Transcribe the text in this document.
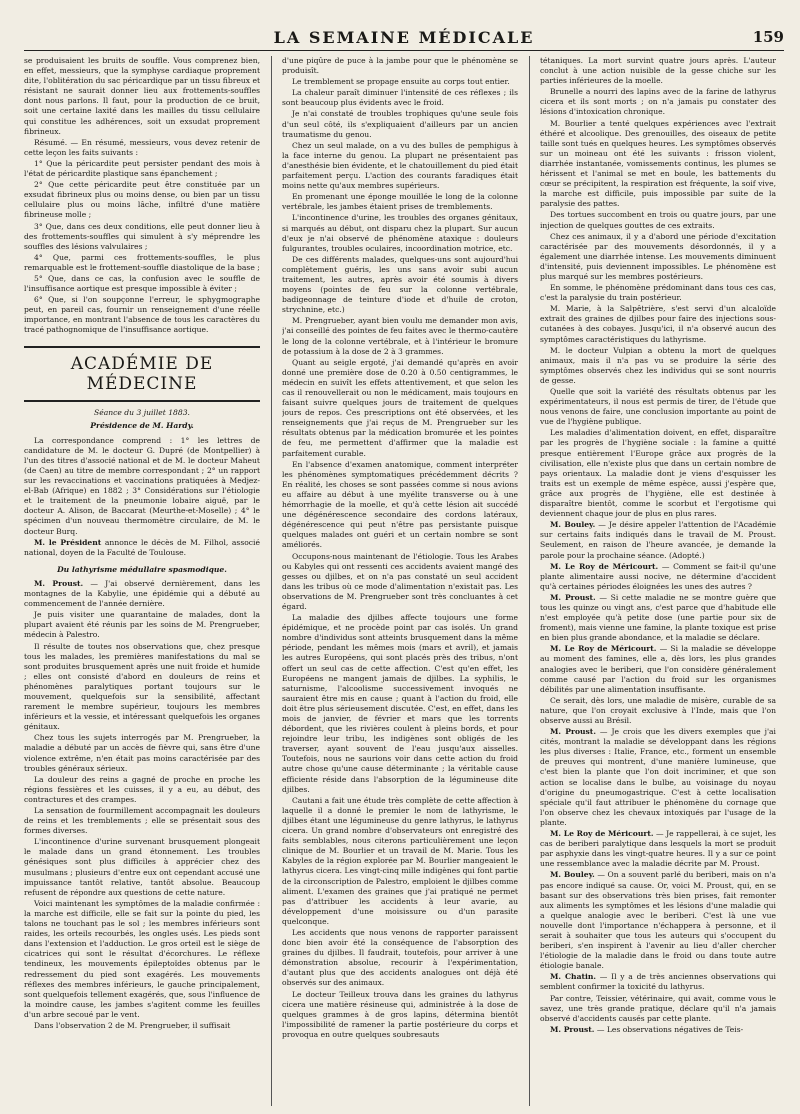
LA SEMAINE MÉDICALE	159

se produisaient les bruits de souffle. Vous comprenez bien, en effet, messieurs, que la symphyse cardiaque proprement dite, l'oblitération du sac péricardique par un tissu fibreux et résistant ne saurait donner lieu aux frottements-souffles dont nous parlons. Il faut, pour la production de ce bruit, soit une certaine laxité dans les mailles du tissu cellulaire qui constitue les adhérences, soit un exsudat proprement fibrineux.

Résumé. — En résumé, messieurs, vous devez retenir de cette leçon les faits suivants :

1° Que la péricardite peut persister pendant des mois à l'état de péricardite plastique sans épanchement ;

2° Que cette péricardite peut être constituée par un exsudat fibrineux plus ou moins dense, ou bien par un tissu cellulaire plus ou moins lâche, infiltré d'une matière fibrineuse molle ;

3° Que, dans ces deux conditions, elle peut donner lieu à des frottements-souffles qui simulent à s'y méprendre les souffles des lésions valvulaires ;

4° Que, parmi ces frottements-souffles, le plus remarquable est le frottement-souffle diastolique de la base ;

5° Que, dans ce cas, la confusion avec le souffle de l'insuffisance aortique est presque impossible à éviter ;

6° Que, si l'on soupçonne l'erreur, le sphygmographe peut, en pareil cas, fournir un renseignement d'une réelle importance, en montrant l'absence de tous les caractères du tracé pathognomique de l'insuffisance aortique.

ACADÉMIE DE MÉDECINE

Séance du 3 juillet 1883.

Présidence de M. Hardy.

La correspondance comprend : 1° les lettres de candidature de M. le docteur G. Dupré (de Montpellier) à l'un des titres d'associé national et de M. le docteur Maheut (de Caen) au titre de membre correspondant ; 2° un rapport sur les revaccinations et vaccinations pratiquées à Medjez-el-Bab (Afrique) en 1882 ; 3° Considérations sur l'étiologie et le traitement de la pneumonie lobaire aiguë, par le docteur A. Alison, de Baccarat (Meurthe-et-Moselle) ; 4° le spécimen d'un nouveau thermomètre circulaire, de M. le docteur Burq.

M. le Président annonce le décès de M. Filhol, associé national, doyen de la Faculté de Toulouse.

Du lathyrisme médullaire spasmodique.

M. Proust. — J'ai observé dernièrement, dans les montagnes de la Kabylie, une épidémie qui a débuté au commencement de l'année dernière.

Je puis visiter une quarantaine de malades, dont la plupart avaient été réunis par les soins de M. Prengrueber, médecin à Palestro.

Il résulte de toutes nos observations que, chez presque tous les malades, les premières manifestations du mal se sont produites brusquement après une nuit froide et humide ; elles ont consisté d'abord en douleurs de reins et phénomènes paralytiques portant toujours sur le mouvement, quelquefois sur la sensibilité, affectant rarement le membre supérieur, toujours les membres inférieurs et la vessie, et intéressant quelquefois les organes génitaux.

Chez tous les sujets interrogés par M. Prengrueber, la maladie a débuté par un accès de fièvre qui, sans être d'une violence extrême, n'en était pas moins caractérisée par des troubles généraux sérieux.

La douleur des reins a gagné de proche en proche les régions fessières et les cuisses, il y a eu, au début, des contractures et des crampes.

La sensation de fourmillement accompagnait les douleurs de reins et les tremblements ; elle se présentait sous des formes diverses.

L'incontinence d'urine survenant brusquement plongeait le malade dans un grand étonnement. Les troubles génésiques sont plus difficiles à apprécier chez des musulmans ; plusieurs d'entre eux ont cependant accusé une impuissance tantôt relative, tantôt absolue. Beaucoup refusent de répondre aux questions de cette nature.

Voici maintenant les symptômes de la maladie confirmée : la marche est difficile, elle se fait sur la pointe du pied, les talons ne touchant pas le sol ; les membres inférieurs sont raides, les orteils recourbés, les ongles usés. Les pieds sont dans l'extension et l'adduction. Le gros orteil est le siège de cicatrices qui sont le résultat d'écorchures. Le réflexe tendineux, les mouvements épileptoïdes obtenus par le redressement du pied sont exagérés. Les mouvements réflexes des membres inférieurs, le gauche principalement, sont quelquefois tellement exagérés, que, sous l'influence de la moindre cause, les jambes s'agitent comme les feuilles d'un arbre secoué par le vent.

Dans l'observation 2 de M. Prengrueber, il suffisait

d'une piqûre de puce à la jambe pour que le phénomène se produisît.

Le tremblement se propage ensuite au corps tout entier.

La chaleur paraît diminuer l'intensité de ces réflexes ; ils sont beaucoup plus évidents avec le froid.

Je n'ai constaté de troubles trophiques qu'une seule fois d'un seul côté, ils s'expliquaient d'ailleurs par un ancien traumatisme du genou.

Chez un seul malade, on a vu des bulles de pemphigus à la face interne du genou. La plupart ne présentaient pas d'anesthésie bien évidente, et le chatouillement du pied était parfaitement perçu. L'action des courants faradiques était moins nette qu'aux membres supérieurs.

En promenant une éponge mouillée le long de la colonne vertébrale, les jambes étaient prises de tremblements.

L'incontinence d'urine, les troubles des organes génitaux, si marqués au début, ont disparu chez la plupart. Sur aucun d'eux je n'ai observé de phénomène ataxique : douleurs fulgurantes, troubles oculaires, incoordination motrice, etc.

De ces différents malades, quelques-uns sont aujourd'hui complètement guéris, les uns sans avoir subi aucun traitement, les autres, après avoir été soumis à divers moyens (pointes de feu sur la colonne vertébrale, badigeonnage de teinture d'iode et d'huile de croton, strychnine, etc.)

M. Prengrueber, ayant bien voulu me demander mon avis, j'ai conseillé des pointes de feu faites avec le thermo-cautère le long de la colonne vertébrale, et à l'intérieur le bromure de potassium à la dose de 2 à 3 grammes.

Quant au seigle ergoté, j'ai demandé qu'après en avoir donné une première dose de 0.20 à 0.50 centigrammes, le médecin en suivît les effets attentivement, et que selon les cas il renouvellerait ou non le médicament, mais toujours en faisant suivre quelques jours de traitement de quelques jours de repos. Ces prescriptions ont été observées, et les renseignements que j'ai reçus de M. Prengrueber sur les résultats obtenus par la médication bromurée et les pointes de feu, me permettent d'affirmer que la maladie est parfaitement curable.

En l'absence d'examen anatomique, comment interpréter les phénomènes symptomatiques précédemment décrits ? En réalité, les choses se sont passées comme si nous avions eu affaire au début à une myélite transverse ou à une hémorrhagie de la moelle, et qu'à cette lésion ait succédé une dégénérescence secondaire des cordons latéraux, dégénérescence qui peut n'être pas persistante puisque quelques malades ont guéri et un certain nombre se sont améliorés.

Occupons-nous maintenant de l'étiologie. Tous les Arabes ou Kabyles qui ont ressenti ces accidents avaient mangé des gesses ou djilbes, et on n'a pas constaté un seul accident dans les tribus où ce mode d'alimentation n'existait pas. Les observations de M. Prengrueber sont très concluantes à cet égard.

La maladie des djilbes affecte toujours une forme épidémique, et ne procède point par cas isolés. Un grand nombre d'individus sont atteints brusquement dans la même période, pendant les mêmes mois (mars et avril), et jamais les autres Européens, qui sont placés près des tribus, n'ont offert un seul cas de cette affection. C'est qu'en effet, les Européens ne mangent jamais de djilbes. La syphilis, le saturnisme, l'alcoolisme successivement invoqués ne sauraient être mis en cause ; quant à l'action du froid, elle doit être plus sérieusement discutée. C'est, en effet, dans les mois de janvier, de février et mars que les torrents débordent, que les rivières coulent à pleins bords, et pour rejoindre leur tribu, les indigènes sont obligés de les traverser, ayant souvent de l'eau jusqu'aux aisselles. Toutefois, nous ne saurions voir dans cette action du froid autre chose qu'une cause déterminante ; la véritable cause efficiente réside dans l'absorption de la légumineuse dite djilbes.

Cautani a fait une étude très complète de cette affection à laquelle il a donné le premier le nom de lathyrisme, le djilbes étant une légumineuse du genre lathyrus, le lathyrus cicera. Un grand nombre d'observateurs ont enregistré des faits semblables, nous citerons particulièrement une leçon clinique de M. Bourlier et un travail de M. Marie. Tous les Kabyles de la région explorée par M. Bourlier mangeaient le lathyrus cicera. Les vingt-cinq mille indigènes qui font partie de la circonscription de Palestro, emploient le djilbes comme aliment. L'examen des graines que j'ai pratiqué ne permet pas d'attribuer les accidents à leur avarie, au développement d'une moisissure ou d'un parasite quelconque.

Les accidents que nous venons de rapporter paraissent donc bien avoir été la conséquence de l'absorption des graines du djilbes. Il faudrait, toutefois, pour arriver à une démonstration absolue, recourir à l'expérimentation, d'autant plus que des accidents analogues ont déjà été observés sur des animaux.

Le docteur Teilleux trouva dans les graines du lathyrus cicera une matière résineuse qui, administrée à la dose de quelques grammes à de gros lapins, détermina bientôt l'impossibilité de ramener la partie postérieure du corps et provoqua en outre quelques soubresauts

tétaniques. La mort survint quatre jours après. L'auteur conclut à une action nuisible de la gesse chiche sur les parties inférieures de la moelle.

Brunelle a nourri des lapins avec de la farine de lathyrus cicera et ils sont morts ; on n'a jamais pu constater des lésions d'intoxication chronique.

M. Bourlier a tenté quelques expériences avec l'extrait éthéré et alcoolique. Des grenouilles, des oiseaux de petite taille sont tués en quelques heures. Les symptômes observés sur un moineau ont été les suivants : frisson violent, diarrhée instantanée, vomissements continus, les plumes se hérissent et l'animal se met en boule, les battements du cœur se précipitent, la respiration est fréquente, la soif vive, la marche est difficile, puis impossible par suite de la paralysie des pattes.

Des tortues succombent en trois ou quatre jours, par une injection de quelques gouttes de ces extraits.

Chez ces animaux, il y a d'abord une période d'excitation caractérisée par des mouvements désordonnés, il y a également une diarrhée intense. Les mouvements diminuent d'intensité, puis deviennent impossibles. Le phénomène est plus marqué sur les membres postérieurs.

En somme, le phénomène prédominant dans tous ces cas, c'est la paralysie du train postérieur.

M. Marie, à la Salpêtrière, s'est servi d'un alcaloïde extrait des graines de djilbes pour faire des injections sous-cutanées à des cobayes. Jusqu'ici, il n'a observé aucun des symptômes caractéristiques du lathyrisme.

M. le docteur Vulpian a obtenu la mort de quelques animaux, mais il n'a pas vu se produire la série des symptômes observés chez les individus qui se sont nourris de gesse.

Quelle que soit la variété des résultats obtenus par les expérimentateurs, il nous est permis de tirer, de l'étude que nous venons de faire, une conclusion importante au point de vue de l'hygiène publique.

Les maladies d'alimentation doivent, en effet, disparaître par les progrès de l'hygiène sociale : la famine a quitté presque entièrement l'Europe grâce aux progrès de la civilisation, elle n'existe plus que dans un certain nombre de pays orientaux. La maladie dont je viens d'esquisser les traits est un exemple de même espèce, aussi j'espère que, grâce aux progrès de l'hygiène, elle est destinée à disparaître bientôt, comme le scorbut et l'ergotisme qui deviennent chaque jour de plus en plus rares.

M. Bouley. — Je désire appeler l'attention de l'Académie sur certains faits indiqués dans le travail de M. Proust. Seulement, en raison de l'heure avancée, je demande la parole pour la prochaine séance. (Adopté.)

M. Le Roy de Méricourt. — Comment se fait-il qu'une plante alimentaire aussi nocive, ne détermine d'accident qu'à certaines périodes éloignées les unes des autres ?

M. Proust. — Si cette maladie ne se montre guère que tous les quinze ou vingt ans, c'est parce que d'habitude elle n'est employée qu'à petite dose (une partie pour six de froment), mais vienne une famine, la plante toxique est prise en bien plus grande abondance, et la maladie se déclare.

M. Le Roy de Méricourt. — Si la maladie se développe au moment des famines, elle a, dès lors, les plus grandes analogies avec le beriberi, que l'on considère généralement comme causé par l'action du froid sur les organismes débilités par une alimentation insuffisante.

Ce serait, dès lors, une maladie de misère, curable de sa nature, que l'on croyait exclusive à l'Inde, mais que l'on observe aussi au Brésil.

M. Proust. — Je crois que les divers exemples que j'ai cités, montrant la maladie se développant dans les régions les plus diverses : Italie, France, etc., forment un ensemble de preuves qui montrent, d'une manière lumineuse, que c'est bien la plante que l'on doit incriminer, et que son action se localise dans le bulbe, au voisinage du noyau d'origine du pneumogastrique. C'est à cette localisation spéciale qu'il faut attribuer le phénomène du cornage que l'on observe chez les chevaux intoxiqués par l'usage de la plante.

M. Le Roy de Méricourt. — Je rappellerai, à ce sujet, les cas de beriberi paralytique dans lesquels la mort se produit par asphyxie dans les vingt-quatre heures. Il y a sur ce point une ressemblance avec la maladie décrite par M. Proust.

M. Bouley. — On a souvent parlé du beriberi, mais on n'a pas encore indiqué sa cause. Or, voici M. Proust, qui, en se basant sur des observations très bien prises, fait remonter aux aliments les symptômes et les lésions d'une maladie qui a quelque analogie avec le beriberi. C'est là une vue nouvelle dont l'importance n'échappera à personne, et il serait à souhaiter que tous les auteurs qui s'occupent du beriberi, s'en inspirent à l'avenir au lieu d'aller chercher l'étiologie de la maladie dans le froid ou dans toute autre étiologie banale.

M. Chatin. — Il y a de très anciennes observations qui semblent confirmer la toxicité du lathyrus.

Par contre, Teissier, vétérinaire, qui avait, comme vous le savez, une très grande pratique, déclare qu'il n'a jamais observé d'accidents causés par cette plante.

M. Proust. — Les observations négatives de Teis-
